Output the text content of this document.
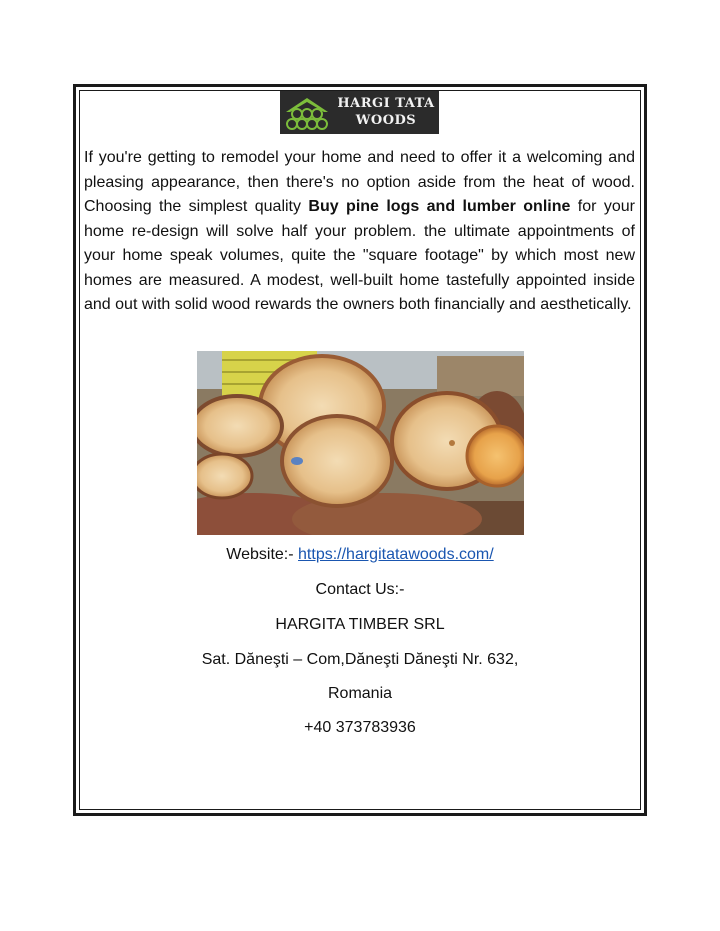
HARGI TATA
WOODS

If you're getting to remodel your home and need to offer it a welcoming and pleasing appearance, then there's no option aside from the heat of wood. Choosing the simplest quality Buy pine logs and lumber online for your home re-design will solve half your problem. the ultimate appointments of your home speak volumes, quite the "square footage" by which most new homes are measured. A modest, well-built home tastefully appointed inside and out with solid wood rewards the owners both financially and aesthetically.

Website:- https://hargitatawoods.com/
Contact Us:-
HARGITA TIMBER SRL
Sat. Dăneşti – Com,Dăneşti Dăneşti Nr. 632,
Romania
+40 373783936
